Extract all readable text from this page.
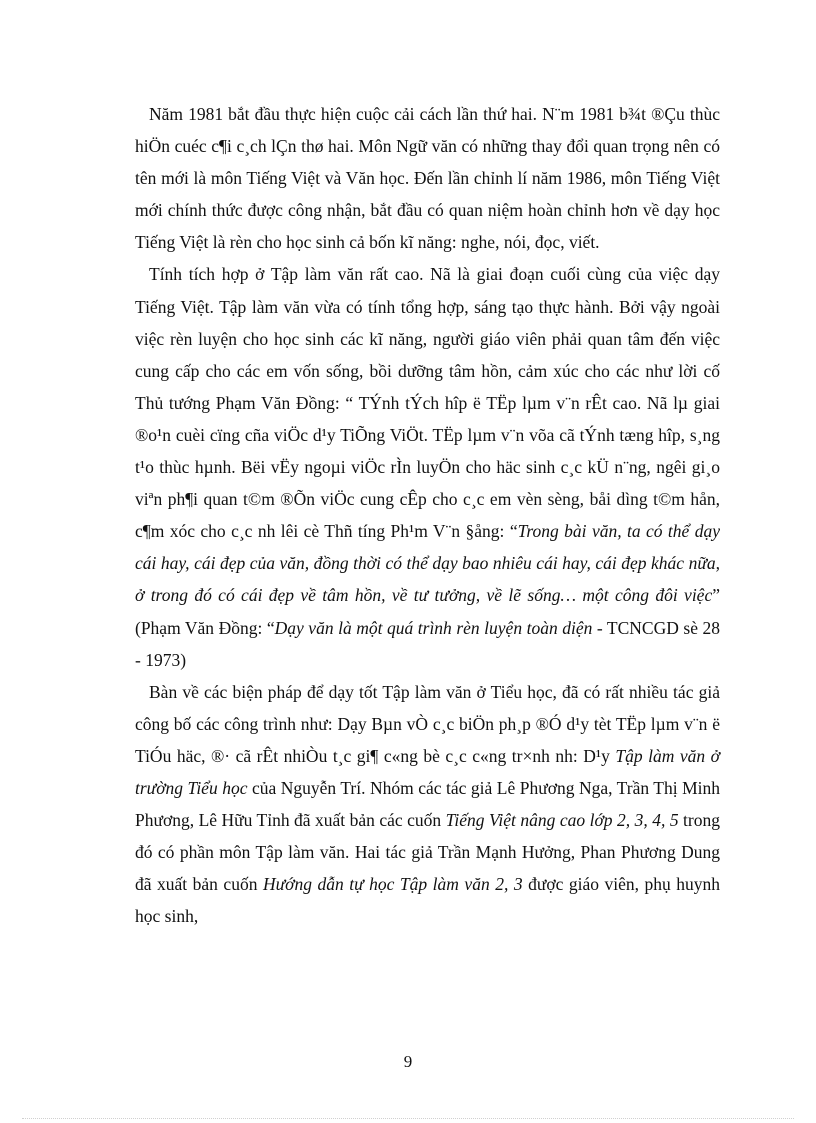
Năm 1981 bắt đầu thực hiện cuộc cải cách lần thứ hai. N¨m 1981 b¾t ®Çu thùc hiÖn cuéc c¶i c¸ch lÇn thø hai. Môn Ngữ văn có những thay đổi quan trọng nên có tên mới là môn Tiếng Việt và Văn học. Đến lần chỉnh lí năm 1986, môn Tiếng Việt mới chính thức được công nhận, bắt đầu có quan niệm hoàn chỉnh hơn về dạy học Tiếng Việt là rèn cho học sinh cả bốn kĩ năng: nghe, nói, đọc, viết.

Tính tích hợp ở Tập làm văn rất cao. Nã là giai đoạn cuối cùng của việc dạy Tiếng Việt. Tập làm văn vừa có tính tổng hợp, sáng tạo thực hành. Bởi vậy ngoài việc rèn luyện cho học sinh các kĩ năng, người giáo viên phải quan tâm đến việc cung cấp cho các em vốn sống, bồi dưỡng tâm hồn, cảm xúc cho các như lời cố Thủ tướng Phạm Văn Đồng: “ TÝnh tÝch hîp ë TËp lµm v¨n rÊt cao. Nã lµ giai ®o¹n cuèi cïng cña viÖc d¹y TiÕng ViÖt. TËp lµm v¨n võa cã tÝnh tæng hîp, s¸ng t¹o thùc hµnh. Bëi vËy ngoµi viÖc rÌn luyÖn cho häc sinh c¸c kÜ n¨ng, ngêi gi¸o viªn ph¶i quan t©m ®Õn viÖc cung cÊp cho c¸c em vèn sèng, båi dìng t©m hån, c¶m xóc cho c¸c nh lêi cè Thñ tíng Ph¹m V¨n §ång: “Trong bài văn, ta có thể dạy cái hay, cái đẹp của văn, đồng thời có thể dạy bao nhiêu cái hay, cái đẹp khác nữa, ở trong đó có cái đẹp về tâm hồn, về tư tưởng, về lẽ sống… một công đôi việc” (Phạm Văn Đồng: “Dạy văn là một quá trình rèn luyện toàn diện - TCNCGD sè 28 - 1973)

Bàn về các biện pháp để dạy tốt Tập làm văn ở Tiểu học, đã có rất nhiều tác giả công bố các công trình như: Dạy Bµn vÒ c¸c biÖn ph¸p ®Ó d¹y tèt TËp lµm v¨n ë TiÓu häc, ®· cã rÊt nhiÒu t¸c gi¶ c«ng bè c¸c c«ng tr×nh nh: D¹y Tập làm văn ở trường Tiểu học của Nguyễn Trí. Nhóm các tác giả Lê Phương Nga, Trần Thị Minh Phương, Lê Hữu Tỉnh đã xuất bản các cuốn Tiếng Việt nâng cao lớp 2, 3, 4, 5 trong đó có phần môn Tập làm văn. Hai tác giả Trần Mạnh Hưởng, Phan Phương Dung đã xuất bản cuốn Hướng dẫn tự học Tập làm văn 2, 3 được giáo viên, phụ huynh học sinh,

9
